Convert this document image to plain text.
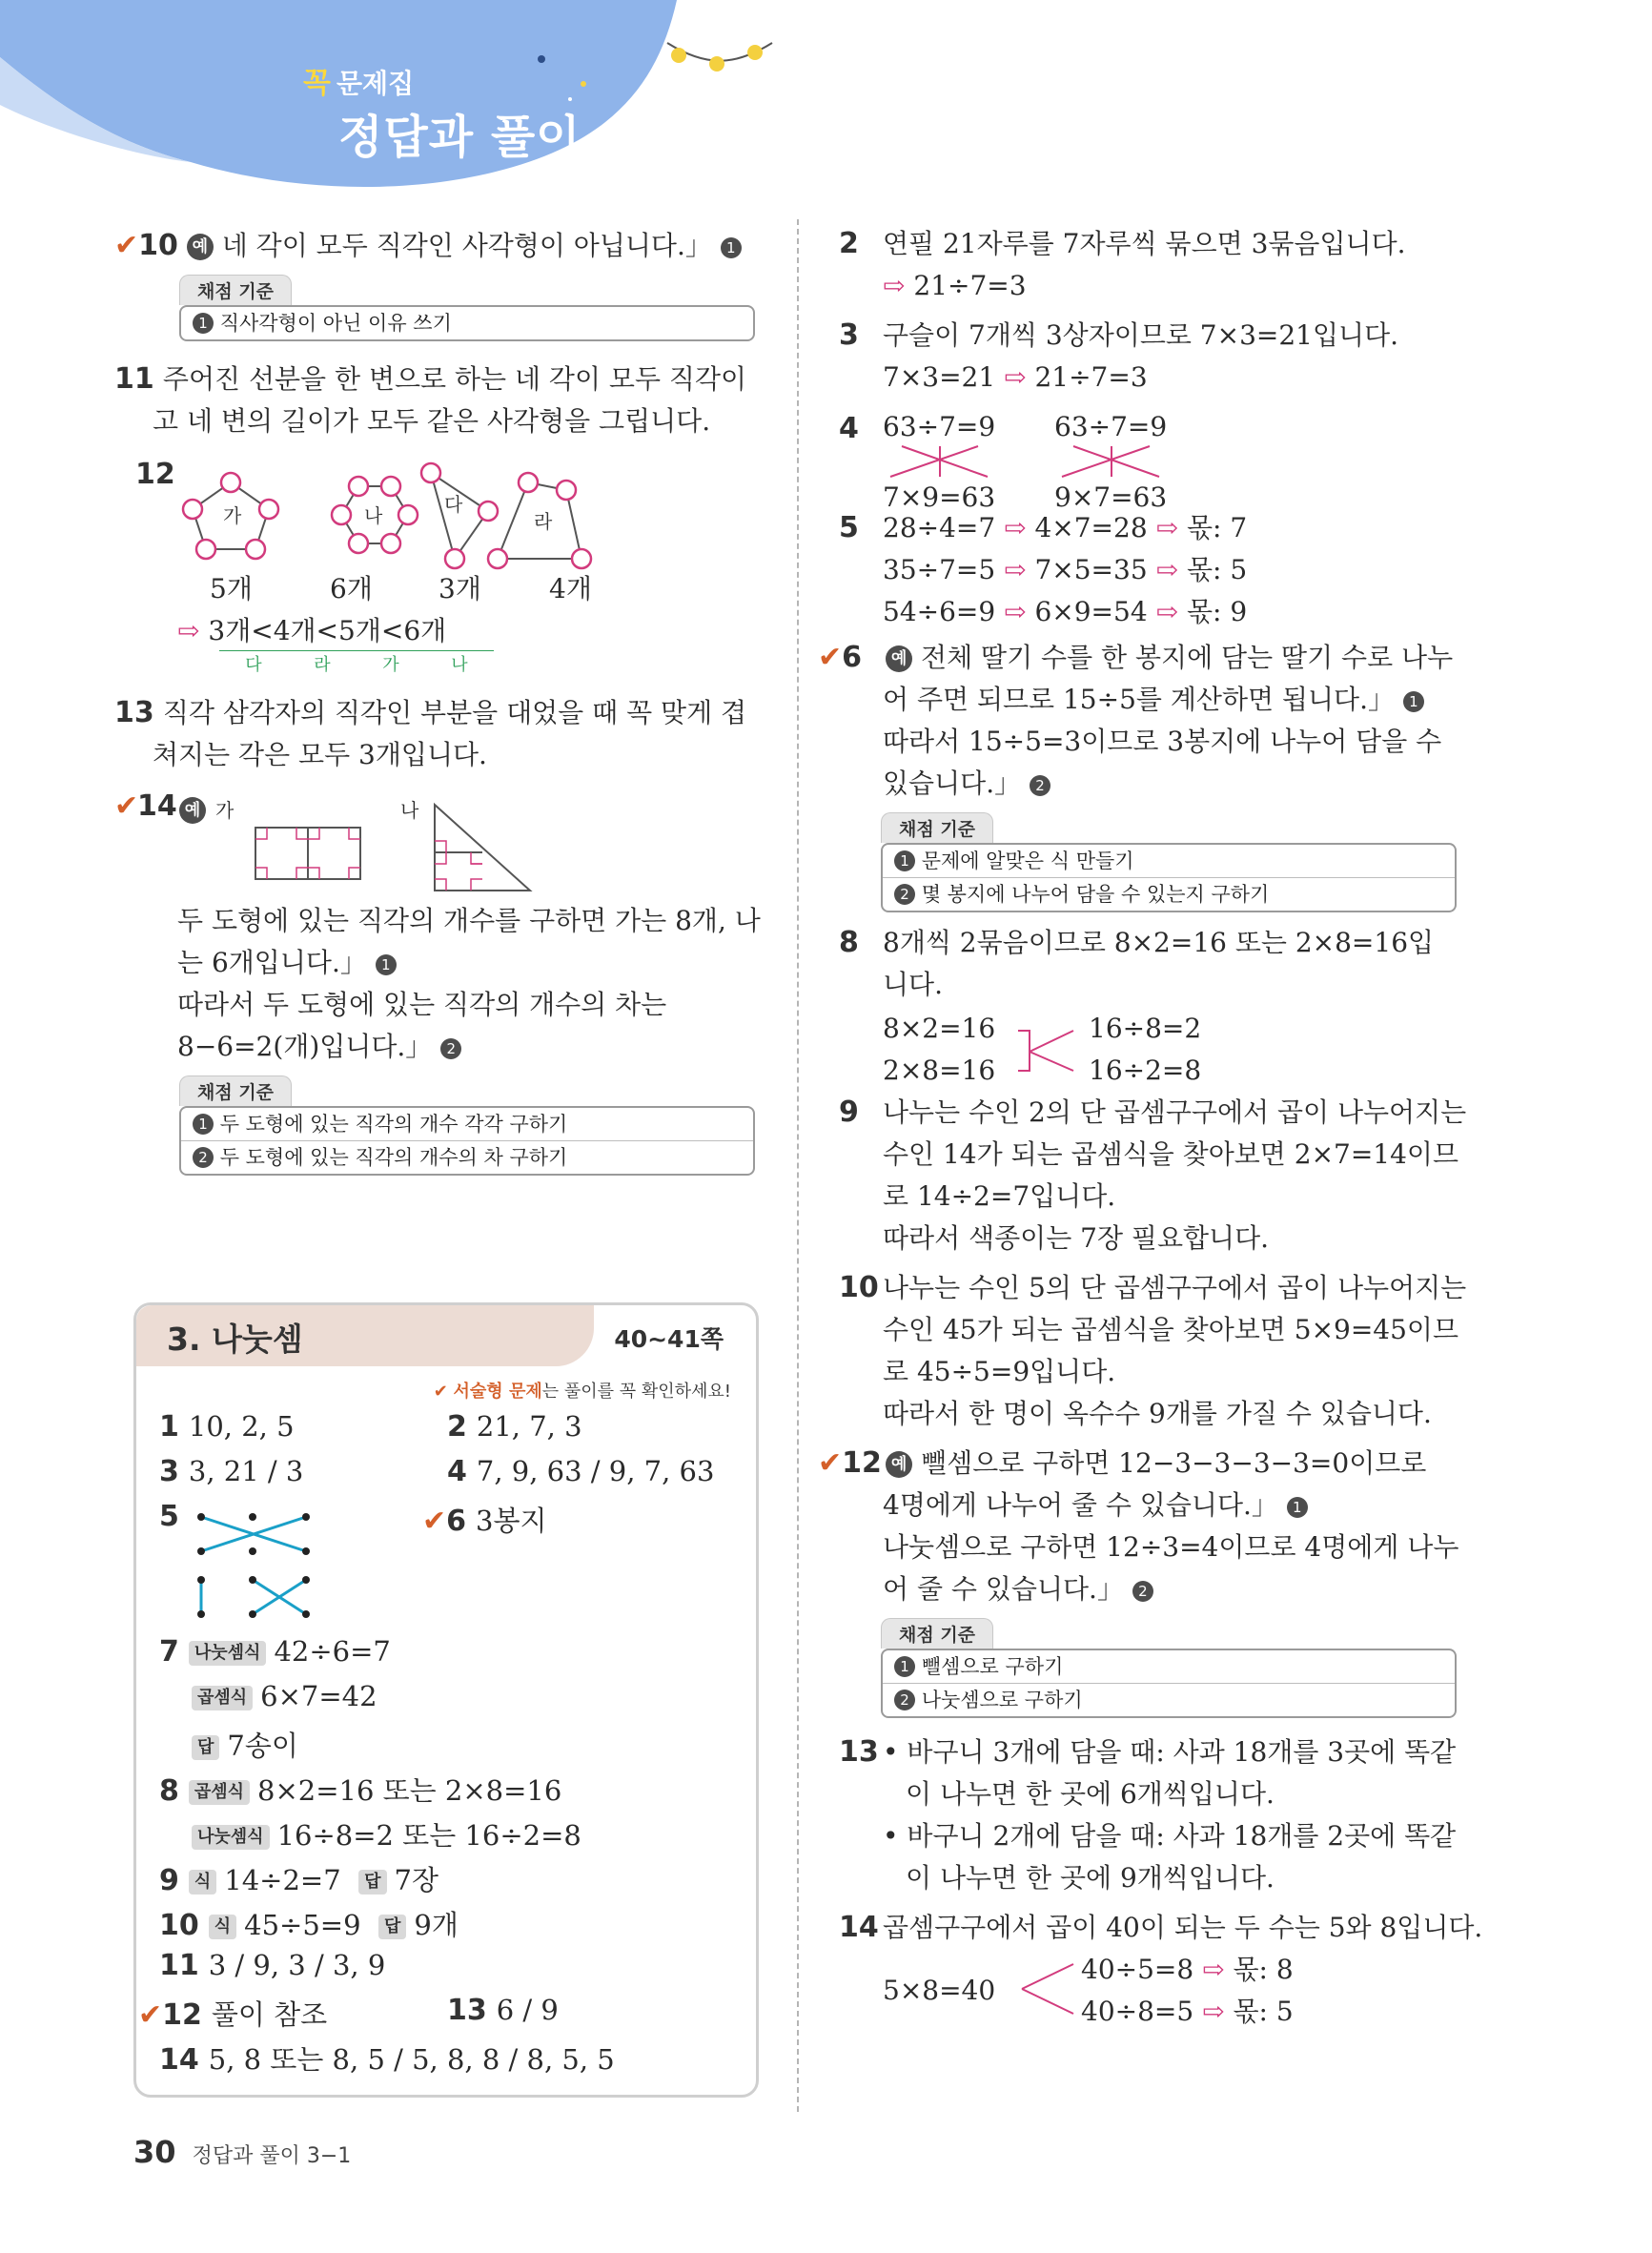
꼭 문제집
정답과 풀이
✔10 예 네 각이 모두 직각인 사각형이 아닙니다.」 1
채점 기준
1 직사각형이 아닌 이유 쓰기
11 주어진 선분을 한 변으로 하는 네 각이 모두 직각이
고 네 변의 길이가 모두 같은 사각형을 그립니다.
12
가	나	다
라
5개	6개 3개	4개
⇨ 3개<4개<5개<6개
다	라	가	나
13 직각 삼각자의 직각인 부분을 대었을 때 꼭 맞게 겹
쳐지는 각은 모두 3개입니다.
✔
14 예 가	나
두 도형에 있는 직각의 개수를 구하면 가는 8개, 나
는 6개입니다.」 1
따라서 두 도형에 있는 직각의 개수의 차는
8−6=2(개)입니다.」 2
채점 기준
1 두 도형에 있는 직각의 개수 각각 구하기
2 두 도형에 있는 직각의 개수의 차 구하기
3. 나눗셈	40~41쪽
✔ 서술형 문제는 풀이를 꼭 확인하세요!
1 10, 2, 5	2 21, 7, 3
3 3, 21 / 3	4 7, 9, 63 / 9, 7, 63
5	✔6 3봉지
7 나눗셈식 42÷6=7
곱셈식 6×7=42
답 7송이
8 곱셈식 8×2=16 또는 2×8=16
나눗셈식 16÷8=2 또는 16÷2=8
9 식 14÷2=7 답 7장
10 식 45÷5=9 답 9개
11 3 / 9, 3 / 3, 9
✔12 풀이 참조	13 6 / 9
14 5, 8 또는 8, 5 / 5, 8, 8 / 8, 5, 5
2 연필 21자루를 7자루씩 묶으면 3묶음입니다.
⇨ 21÷7=3
3 구슬이 7개씩 3상자이므로 7×3=21입니다.
7×3=21 ⇨ 21÷7=3
4 63÷7=9 63÷7=9
7×9=63 9×7=63
5 28÷4=7 ⇨ 4×7=28 ⇨ 몫: 7
35÷7=5 ⇨ 7×5=35 ⇨ 몫: 5
54÷6=9 ⇨ 6×9=54 ⇨ 몫: 9
✔6 예 전체 딸기 수를 한 봉지에 담는 딸기 수로 나누
어 주면 되므로 15÷5를 계산하면 됩니다.」 1
따라서 15÷5=3이므로 3봉지에 나누어 담을 수
있습니다.」 2
채점 기준
1 문제에 알맞은 식 만들기
2 몇 봉지에 나누어 담을 수 있는지 구하기
8 8개씩 2묶음이므로 8×2=16 또는 2×8=16입
니다.
8×2=16
2×8=16
16÷8=2
16÷2=8
9 나누는 수인 2의 단 곱셈구구에서 곱이 나누어지는
수인 14가 되는 곱셈식을 찾아보면 2×7=14이므
로 14÷2=7입니다.
따라서 색종이는 7장 필요합니다.
10 나누는 수인 5의 단 곱셈구구에서 곱이 나누어지는
수인 45가 되는 곱셈식을 찾아보면 5×9=45이므
로 45÷5=9입니다.
따라서 한 명이 옥수수 9개를 가질 수 있습니다.
✔12 예 뺄셈으로 구하면 12−3−3−3−3=0이므로
4명에게 나누어 줄 수 있습니다.」 1
나눗셈으로 구하면 12÷3=4이므로 4명에게 나누
어 줄 수 있습니다.」 2
채점 기준
1 뺄셈으로 구하기
2 나눗셈으로 구하기
13 • 바구니 3개에 담을 때: 사과 18개를 3곳에 똑같
이 나누면 한 곳에 6개씩입니다.
• 바구니 2개에 담을 때: 사과 18개를 2곳에 똑같
이 나누면 한 곳에 9개씩입니다.
14 곱셈구구에서 곱이 40이 되는 두 수는 5와 8입니다.
5×8=40
40÷5=8 ⇨ 몫: 8
40÷8=5 ⇨ 몫: 5
30 정답과 풀이 3−1
